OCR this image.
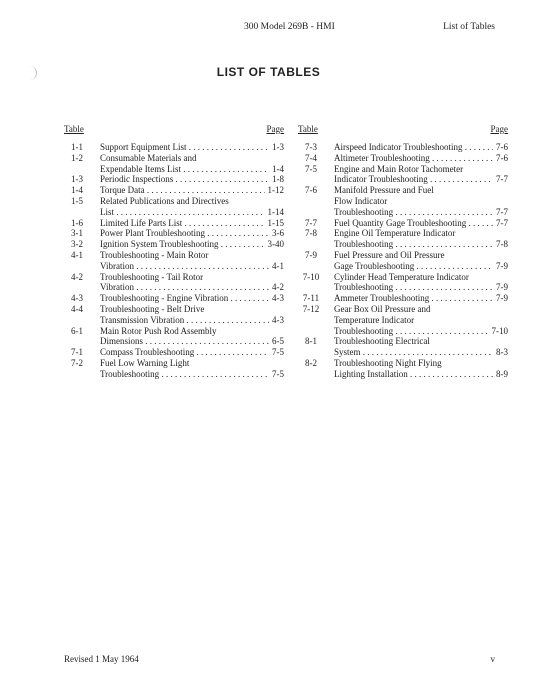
300 Model 269B - HMI	List of Tables
LIST OF TABLES
Table	Page
1-1	Support Equipment List	1-3
. . .
1-2	Consumable Materials and
Expendable Items List	1-4
. . .
1-3	Periodic Inspections	1-8
. . .
1-4	Torque Data	1-12
. . .
1-5	Related Publications and Directives
List	1-14
. . .
1-6	Limited Life Parts List	1-15
. . .
3-1	Power Plant Troubleshooting	3-6
. . .
3-2	Ignition System Troubleshooting	3-40
. . .
4-1	Troubleshooting - Main Rotor
Vibration	4-1
. . .
4-2	Troubleshooting - Tail Rotor
Vibration	4-2
. . .
4-3	Troubleshooting - Engine Vibration	4-3
. . .
4-4	Troubleshooting - Belt Drive
Transmission Vibration	4-3
. . .
6-1	Main Rotor Push Rod Assembly
Dimensions	6-5
. . .
7-1	Compass Troubleshooting	7-5
. . .
7-2	Fuel Low Warning Light
Troubleshooting	7-5
. . .
Table	Page
7-3	Airspeed Indicator Troubleshooting	7-6
. . .
7-4	Altimeter Troubleshooting	7-6
. . .
7-5	Engine and Main Rotor Tachometer
Indicator Troubleshooting	7-7
. . .
7-6	Manifold Pressure and Fuel
Flow Indicator
Troubleshooting	7-7
. . .
7-7	Fuel Quantity Gage Troubleshooting	7-7
. . .
7-8	Engine Oil Temperature Indicator
Troubleshooting	7-8
. . .
7-9	Fuel Pressure and Oil Pressure
Gage Troubleshooting	7-9
. . .
7-10	Cylinder Head Temperature Indicator
Troubleshooting	7-9
. . .
7-11	Ammeter Troubleshooting	7-9
. . .
7-12	Gear Box Oil Pressure and
Temperature Indicator
Troubleshooting	7-10
. . .
8-1	Troubleshooting Electrical
System	8-3
. . .
8-2	Troubleshooting Night Flying
Lighting Installation	8-9
. . .
Revised 1 May 1964	v
